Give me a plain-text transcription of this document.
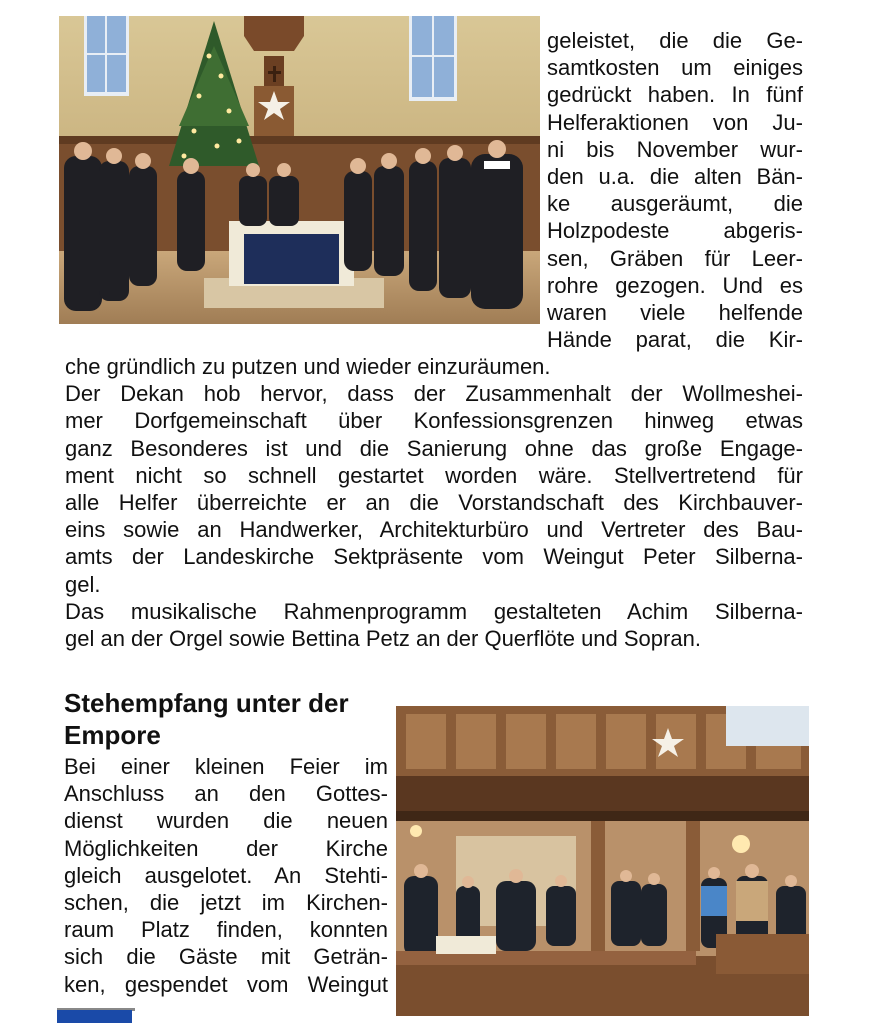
geleistet, die die Ge-
samtkosten um einiges
gedrückt haben. In fünf
Helferaktionen von Ju-
ni bis November wur-
den u.a. die alten Bän-
ke ausgeräumt, die
Holzpodeste abgeris-
sen, Gräben für Leer-
rohre gezogen. Und es
waren viele helfende
Hände parat, die Kir-
che gründlich zu putzen und wieder einzuräumen.
Der Dekan hob hervor, dass der Zusammenhalt der Wollmeshei-
mer Dorfgemeinschaft über Konfessionsgrenzen hinweg etwas
ganz Besonderes ist und die Sanierung ohne das große Engage-
ment nicht so schnell gestartet worden wäre. Stellvertretend für
alle Helfer überreichte er an die Vorstandschaft des Kirchbauver-
eins sowie an Handwerker, Architekturbüro und Vertreter des Bau-
amts der Landeskirche Sektpräsente vom Weingut Peter Silberna-
gel.
Das musikalische Rahmenprogramm gestalteten Achim Silberna-
gel an der Orgel sowie Bettina Petz an der Querflöte und Sopran.
Stehempfang unter der
Empore
Bei einer kleinen Feier im
Anschluss an den Gottes-
dienst wurden die neuen
Möglichkeiten der Kirche
gleich ausgelotet. An Stehti-
schen, die jetzt im Kirchen-
raum Platz finden, konnten
sich die Gäste mit Geträn-
ken, gespendet vom Weingut
